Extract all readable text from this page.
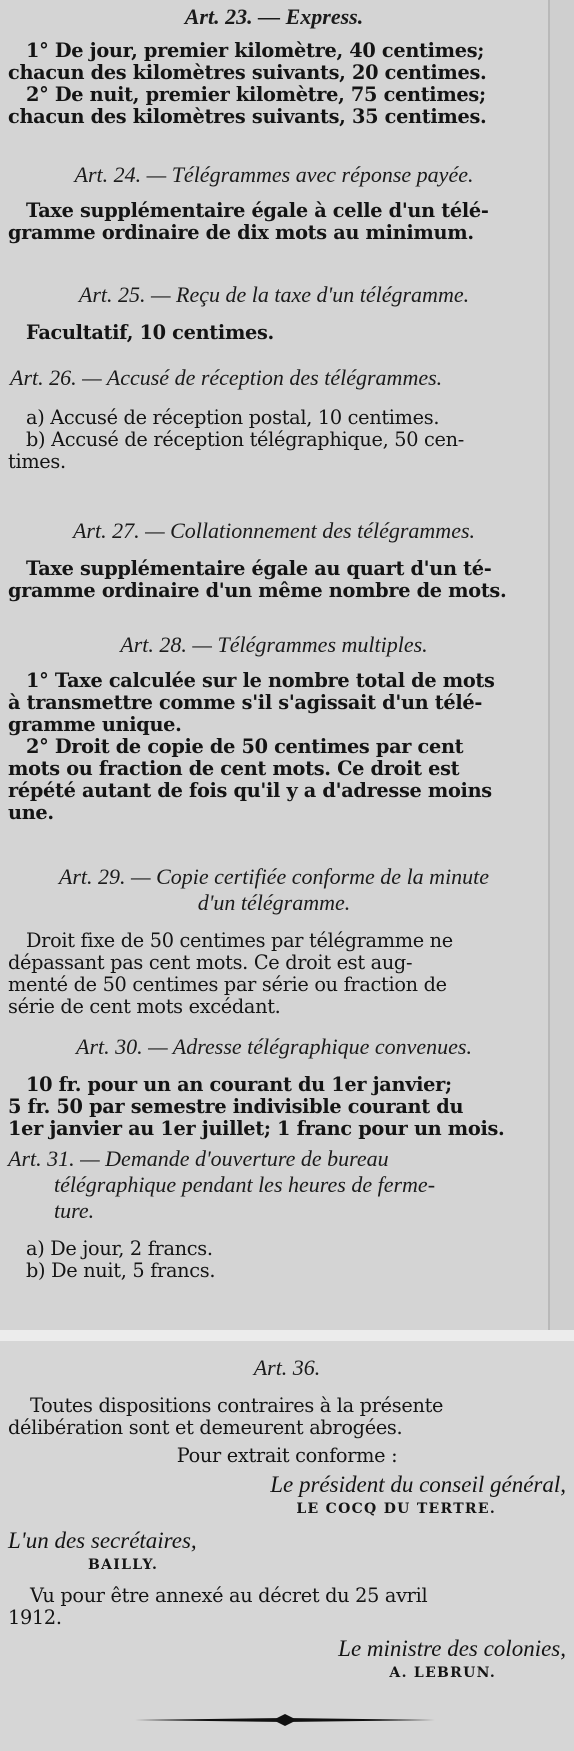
Art. 23. — Express.
1° De jour, premier kilomètre, 40 centimes;
chacun des kilomètres suivants, 20 centimes.
2° De nuit, premier kilomètre, 75 centimes;
chacun des kilomètres suivants, 35 centimes.
Art. 24. — Télégrammes avec réponse payée.
Taxe supplémentaire égale à celle d'un télé-
gramme ordinaire de dix mots au minimum.
Art. 25. — Reçu de la taxe d'un télégramme.
Facultatif, 10 centimes.
Art. 26. — Accusé de réception des télégrammes.
a) Accusé de réception postal, 10 centimes.
b) Accusé de réception télégraphique, 50 cen-
times.
Art. 27. — Collationnement des télégrammes.
Taxe supplémentaire égale au quart d'un té-
gramme ordinaire d'un même nombre de mots.
Art. 28. — Télégrammes multiples.
1° Taxe calculée sur le nombre total de mots
à transmettre comme s'il s'agissait d'un télé-
gramme unique.
2° Droit de copie de 50 centimes par cent
mots ou fraction de cent mots. Ce droit est
répété autant de fois qu'il y a d'adresse moins
une.
Art. 29. — Copie certifiée conforme de la minute
d'un télégramme.
Droit fixe de 50 centimes par télégramme ne
dépassant pas cent mots. Ce droit est aug-
menté de 50 centimes par série ou fraction de
série de cent mots excédant.
Art. 30. — Adresse télégraphique convenues.
10 fr. pour un an courant du 1er janvier;
5 fr. 50 par semestre indivisible courant du
1er janvier au 1er juillet; 1 franc pour un mois.
Art. 31. — Demande d'ouverture de bureau
télégraphique pendant les heures de ferme-
ture.
a) De jour, 2 francs.
b) De nuit, 5 francs.
Art. 36.
Toutes dispositions contraires à la présente
délibération sont et demeurent abrogées.
Pour extrait conforme :
Le président du conseil général,
LE COCQ DU TERTRE.
L'un des secrétaires,
BAILLY.
Vu pour être annexé au décret du 25 avril
1912.
Le ministre des colonies,
A. LEBRUN.
